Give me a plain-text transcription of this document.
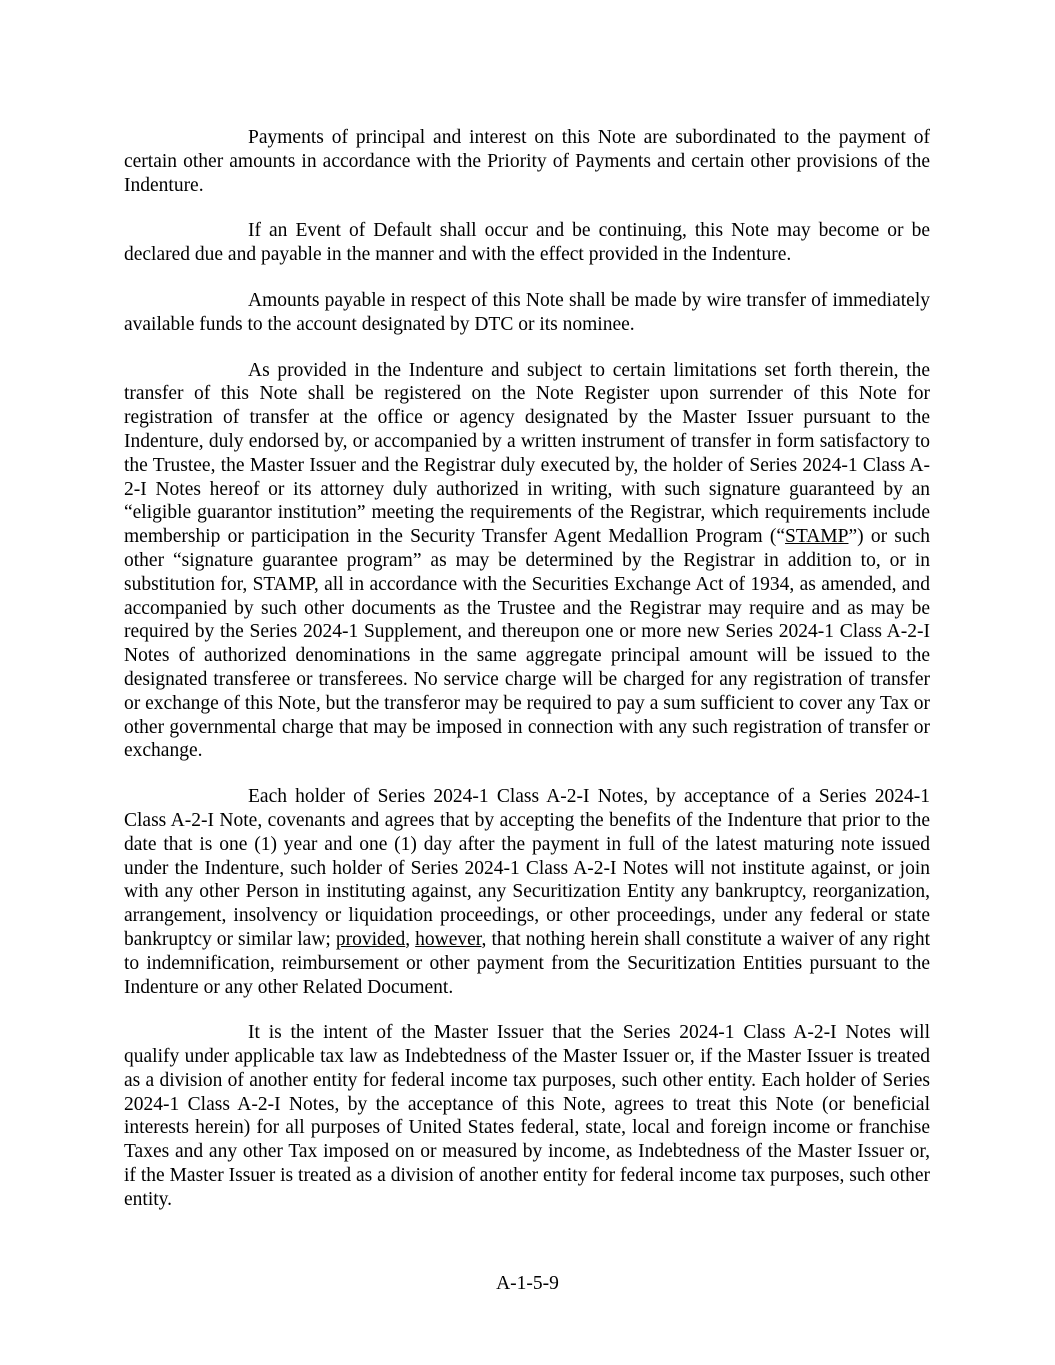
Payments of principal and interest on this Note are subordinated to the payment of certain other amounts in accordance with the Priority of Payments and certain other provisions of the Indenture.

If an Event of Default shall occur and be continuing, this Note may become or be declared due and payable in the manner and with the effect provided in the Indenture.

Amounts payable in respect of this Note shall be made by wire transfer of immediately available funds to the account designated by DTC or its nominee.

As provided in the Indenture and subject to certain limitations set forth therein, the transfer of this Note shall be registered on the Note Register upon surrender of this Note for registration of transfer at the office or agency designated by the Master Issuer pursuant to the Indenture, duly endorsed by, or accompanied by a written instrument of transfer in form satisfactory to the Trustee, the Master Issuer and the Registrar duly executed by, the holder of Series 2024-1 Class A-2-I Notes hereof or its attorney duly authorized in writing, with such signature guaranteed by an “eligible guarantor institution” meeting the requirements of the Registrar, which requirements include membership or participation in the Security Transfer Agent Medallion Program (“STAMP”) or such other “signature guarantee program” as may be determined by the Registrar in addition to, or in substitution for, STAMP, all in accordance with the Securities Exchange Act of 1934, as amended, and accompanied by such other documents as the Trustee and the Registrar may require and as may be required by the Series 2024-1 Supplement, and thereupon one or more new Series 2024-1 Class A-2-I Notes of authorized denominations in the same aggregate principal amount will be issued to the designated transferee or transferees. No service charge will be charged for any registration of transfer or exchange of this Note, but the transferor may be required to pay a sum sufficient to cover any Tax or other governmental charge that may be imposed in connection with any such registration of transfer or exchange.

Each holder of Series 2024-1 Class A-2-I Notes, by acceptance of a Series 2024-1 Class A-2-I Note, covenants and agrees that by accepting the benefits of the Indenture that prior to the date that is one (1) year and one (1) day after the payment in full of the latest maturing note issued under the Indenture, such holder of Series 2024-1 Class A-2-I Notes will not institute against, or join with any other Person in instituting against, any Securitization Entity any bankruptcy, reorganization, arrangement, insolvency or liquidation proceedings, or other proceedings, under any federal or state bankruptcy or similar law; provided, however, that nothing herein shall constitute a waiver of any right to indemnification, reimbursement or other payment from the Securitization Entities pursuant to the Indenture or any other Related Document.

It is the intent of the Master Issuer that the Series 2024-1 Class A-2-I Notes will qualify under applicable tax law as Indebtedness of the Master Issuer or, if the Master Issuer is treated as a division of another entity for federal income tax purposes, such other entity. Each holder of Series 2024-1 Class A-2-I Notes, by the acceptance of this Note, agrees to treat this Note (or beneficial interests herein) for all purposes of United States federal, state, local and foreign income or franchise Taxes and any other Tax imposed on or measured by income, as Indebtedness of the Master Issuer or, if the Master Issuer is treated as a division of another entity for federal income tax purposes, such other entity.

A-1-5-9
